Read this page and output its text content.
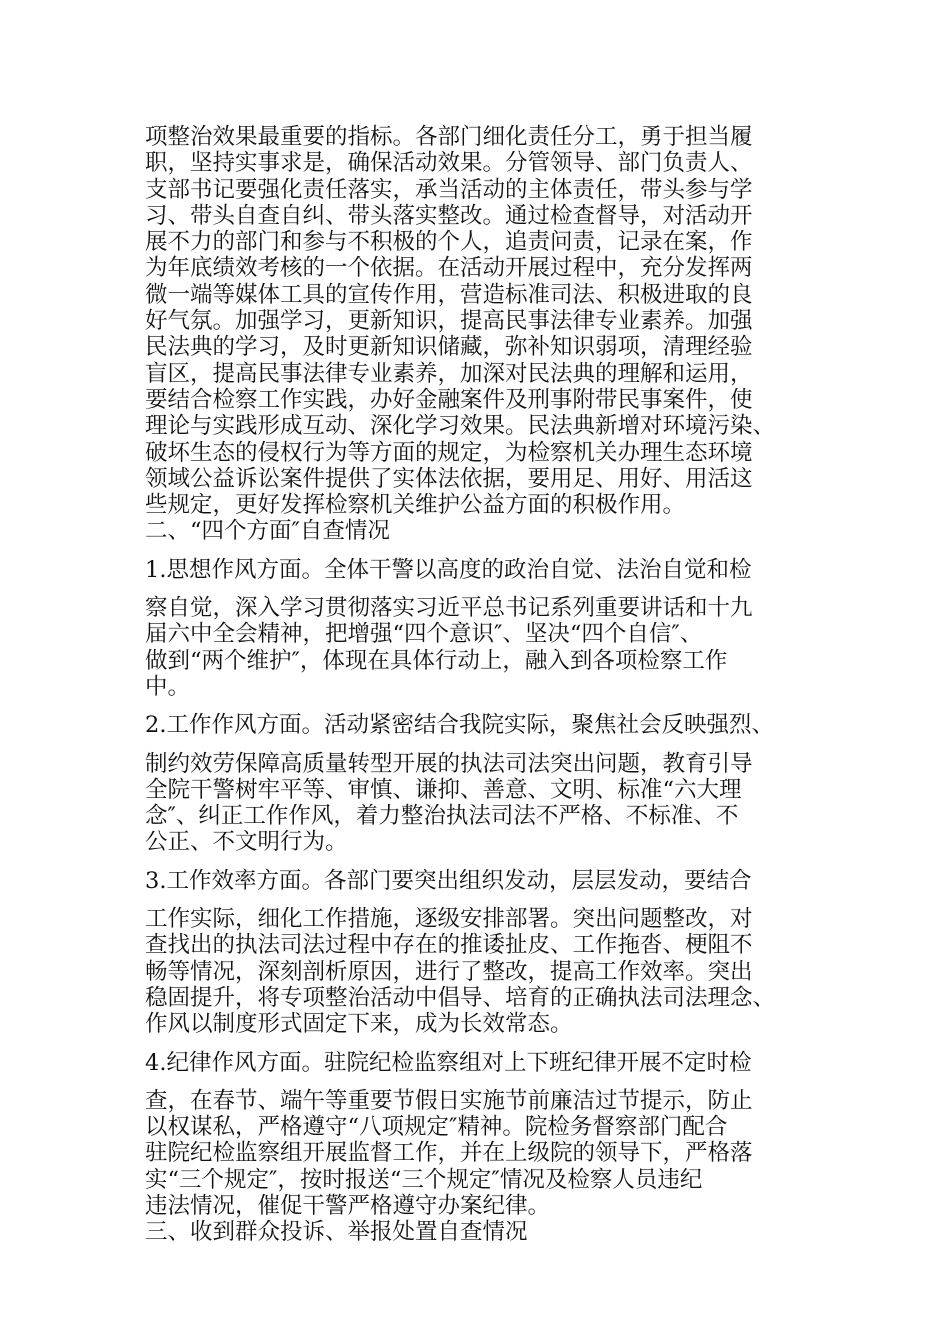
项整治效果最重要的指标。各部门细化责任分工，勇于担当履
职，坚持实事求是，确保活动效果。分管领导、部门负责人、
支部书记要强化责任落实，承当活动的主体责任，带头参与学
习、带头自查自纠、带头落实整改。通过检查督导，对活动开
展不力的部门和参与不积极的个人，追责问责，记录在案，作
为年底绩效考核的一个依据。在活动开展过程中，充分发挥两
微一端等媒体工具的宣传作用，营造标准司法、积极进取的良
好气氛。加强学习，更新知识，提高民事法律专业素养。加强
民法典的学习，及时更新知识储藏，弥补知识弱项，清理经验
盲区，提高民事法律专业素养，加深对民法典的理解和运用，
要结合检察工作实践，办好金融案件及刑事附带民事案件，使
理论与实践形成互动、深化学习效果。民法典新增对环境污染、
破坏生态的侵权行为等方面的规定，为检察机关办理生态环境
领域公益诉讼案件提供了实体法依据，要用足、用好、用活这
些规定，更好发挥检察机关维护公益方面的积极作用。
二、“四个方面″自查情况
1.思想作风方面。全体干警以高度的政治自觉、法治自觉和检
察自觉，深入学习贯彻落实习近平总书记系列重要讲话和十九
届六中全会精神，把增强“四个意识″、坚决“四个自信″、
做到“两个维护″，体现在具体行动上，融入到各项检察工作
中。
2.工作作风方面。活动紧密结合我院实际，聚焦社会反映强烈、
制约效劳保障高质量转型开展的执法司法突出问题，教育引导
全院干警树牢平等、审慎、谦抑、善意、文明、标准“六大理
念″、纠正工作作风，着力整治执法司法不严格、不标准、不
公正、不文明行为。
3.工作效率方面。各部门要突出组织发动，层层发动，要结合
工作实际，细化工作措施，逐级安排部署。突出问题整改，对
查找出的执法司法过程中存在的推诿扯皮、工作拖沓、梗阻不
畅等情况，深刻剖析原因，进行了整改，提高工作效率。突出
稳固提升，将专项整治活动中倡导、培育的正确执法司法理念、
作风以制度形式固定下来，成为长效常态。
4.纪律作风方面。驻院纪检监察组对上下班纪律开展不定时检
查，在春节、端午等重要节假日实施节前廉洁过节提示，防止
以权谋私，严格遵守“八项规定″精神。院检务督察部门配合
驻院纪检监察组开展监督工作，并在上级院的领导下，严格落
实“三个规定″，按时报送“三个规定″情况及检察人员违纪
违法情况，催促干警严格遵守办案纪律。
三、收到群众投诉、举报处置自查情况
